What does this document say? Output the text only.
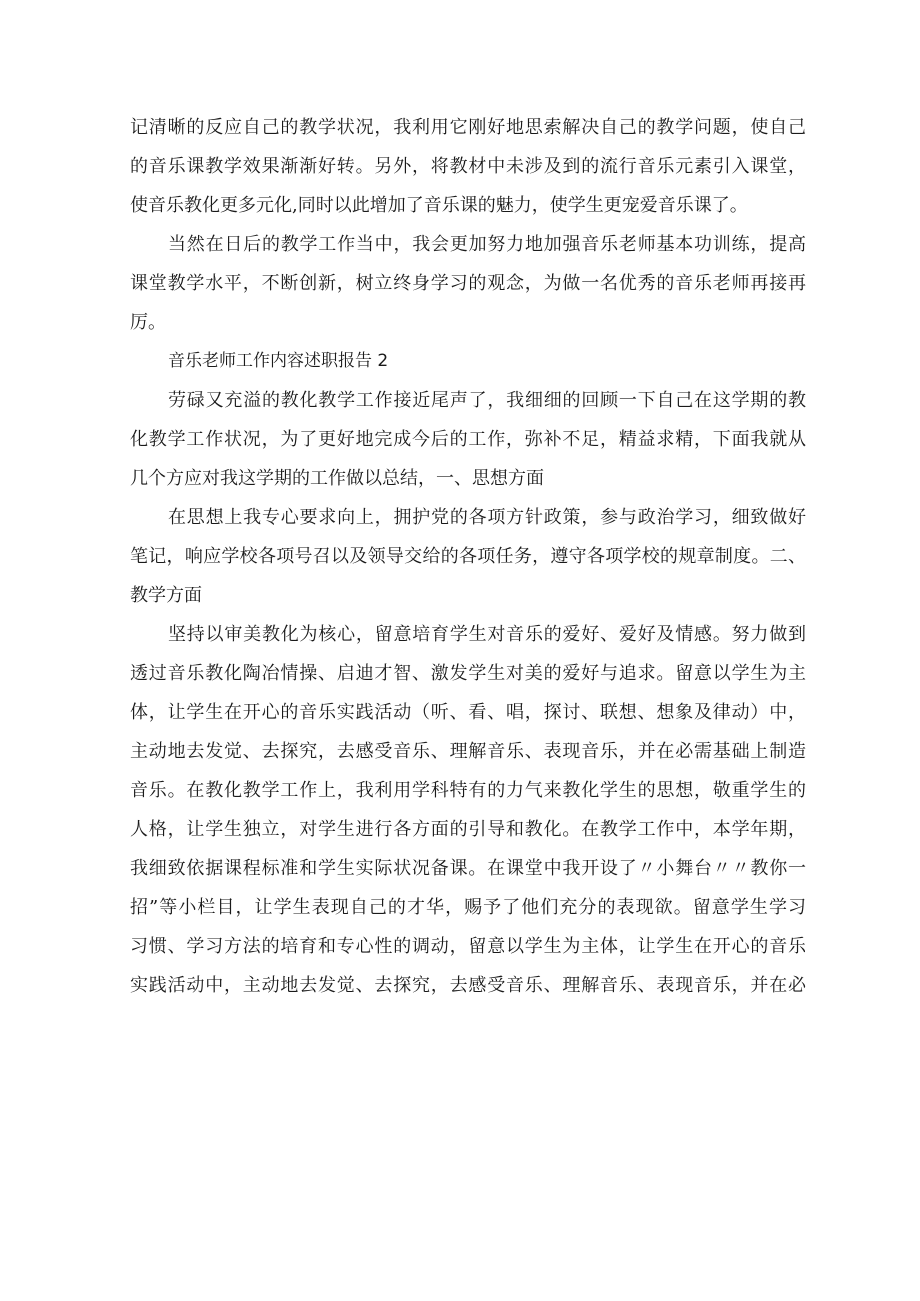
记清晰的反应自己的教学状况，我利用它刚好地思索解决自己的教学问题，使自己
的音乐课教学效果渐渐好转。另外，将教材中未涉及到的流行音乐元素引入课堂，
使音乐教化更多元化,同时以此增加了音乐课的魅力，使学生更宠爱音乐课了。
当然在日后的教学工作当中，我会更加努力地加强音乐老师基本功训练，提高
课堂教学水平，不断创新，树立终身学习的观念，为做一名优秀的音乐老师再接再
厉。
音乐老师工作内容述职报告 2
劳碌又充溢的教化教学工作接近尾声了，我细细的回顾一下自己在这学期的教
化教学工作状况，为了更好地完成今后的工作，弥补不足，精益求精，下面我就从
几个方应对我这学期的工作做以总结，一、思想方面
在思想上我专心要求向上，拥护党的各项方针政策，参与政治学习，细致做好
笔记，响应学校各项号召以及领导交给的各项任务，遵守各项学校的规章制度。二、
教学方面
坚持以审美教化为核心，留意培育学生对音乐的爱好、爱好及情感。努力做到
透过音乐教化陶冶情操、启迪才智、激发学生对美的爱好与追求。留意以学生为主
体，让学生在开心的音乐实践活动（听、看、唱，探讨、联想、想象及律动）中，
主动地去发觉、去探究，去感受音乐、理解音乐、表现音乐，并在必需基础上制造
音乐。在教化教学工作上，我利用学科特有的力气来教化学生的思想，敬重学生的
人格，让学生独立，对学生进行各方面的引导和教化。在教学工作中，本学年期，
我细致依据课程标准和学生实际状况备课。在课堂中我开设了〃小舞台〃〃教你一
招”等小栏目，让学生表现自己的才华，赐予了他们充分的表现欲。留意学生学习
习惯、学习方法的培育和专心性的调动，留意以学生为主体，让学生在开心的音乐
实践活动中，主动地去发觉、去探究，去感受音乐、理解音乐、表现音乐，并在必
